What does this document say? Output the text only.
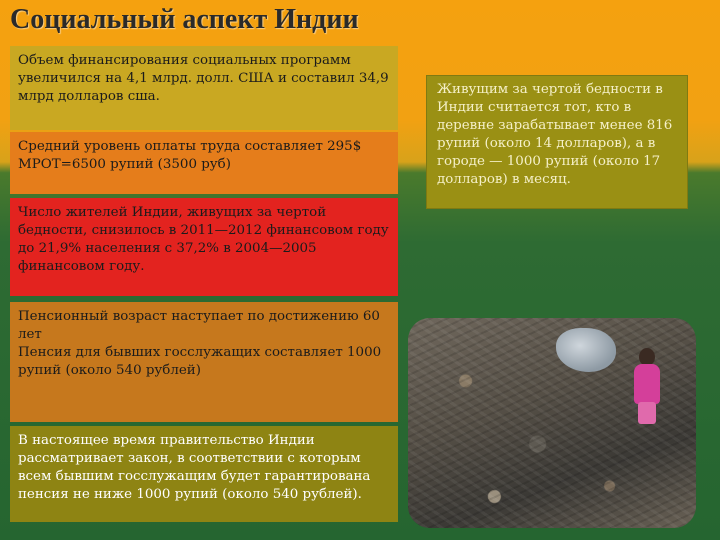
Социальный аспект Индии
Объем финансирования социальных программ увеличился на 4,1 млрд. долл. США и составил 34,9 млрд долларов сша.
Средний уровень оплаты труда составляет 295$ МРОТ=6500 рупий (3500 руб)
Число жителей Индии, живущих за чертой бедности, снизилось в 2011—2012 финансовом году до 21,9% населения с 37,2% в 2004—2005 финансовом году.
Пенсионный возраст наступает по достижению 60 лет
Пенсия для бывших госслужащих составляет 1000 рупий (около 540 рублей)
В настоящее время правительство Индии рассматривает закон, в соответствии с которым всем бывшим госслужащим будет гарантирована пенсия не ниже 1000 рупий (около 540 рублей).
Живущим за чертой бедности в Индии считается тот, кто в деревне зарабатывает менее 816 рупий (около 14 долларов), а в городе — 1000 рупий (около 17 долларов) в месяц.
